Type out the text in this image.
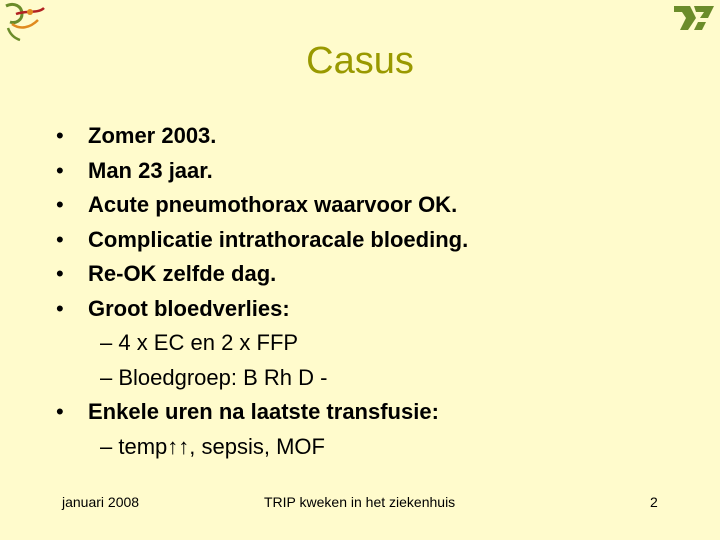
Casus
• Zomer 2003.
• Man 23 jaar.
• Acute pneumothorax waarvoor OK.
• Complicatie intrathoracale bloeding.
• Re-OK zelfde dag.
• Groot bloedverlies:
– 4 x EC en 2 x FFP
– Bloedgroep: B Rh D -
• Enkele uren na laatste transfusie:
– temp↑↑, sepsis, MOF
januari 2008	TRIP kweken in het ziekenhuis	2
